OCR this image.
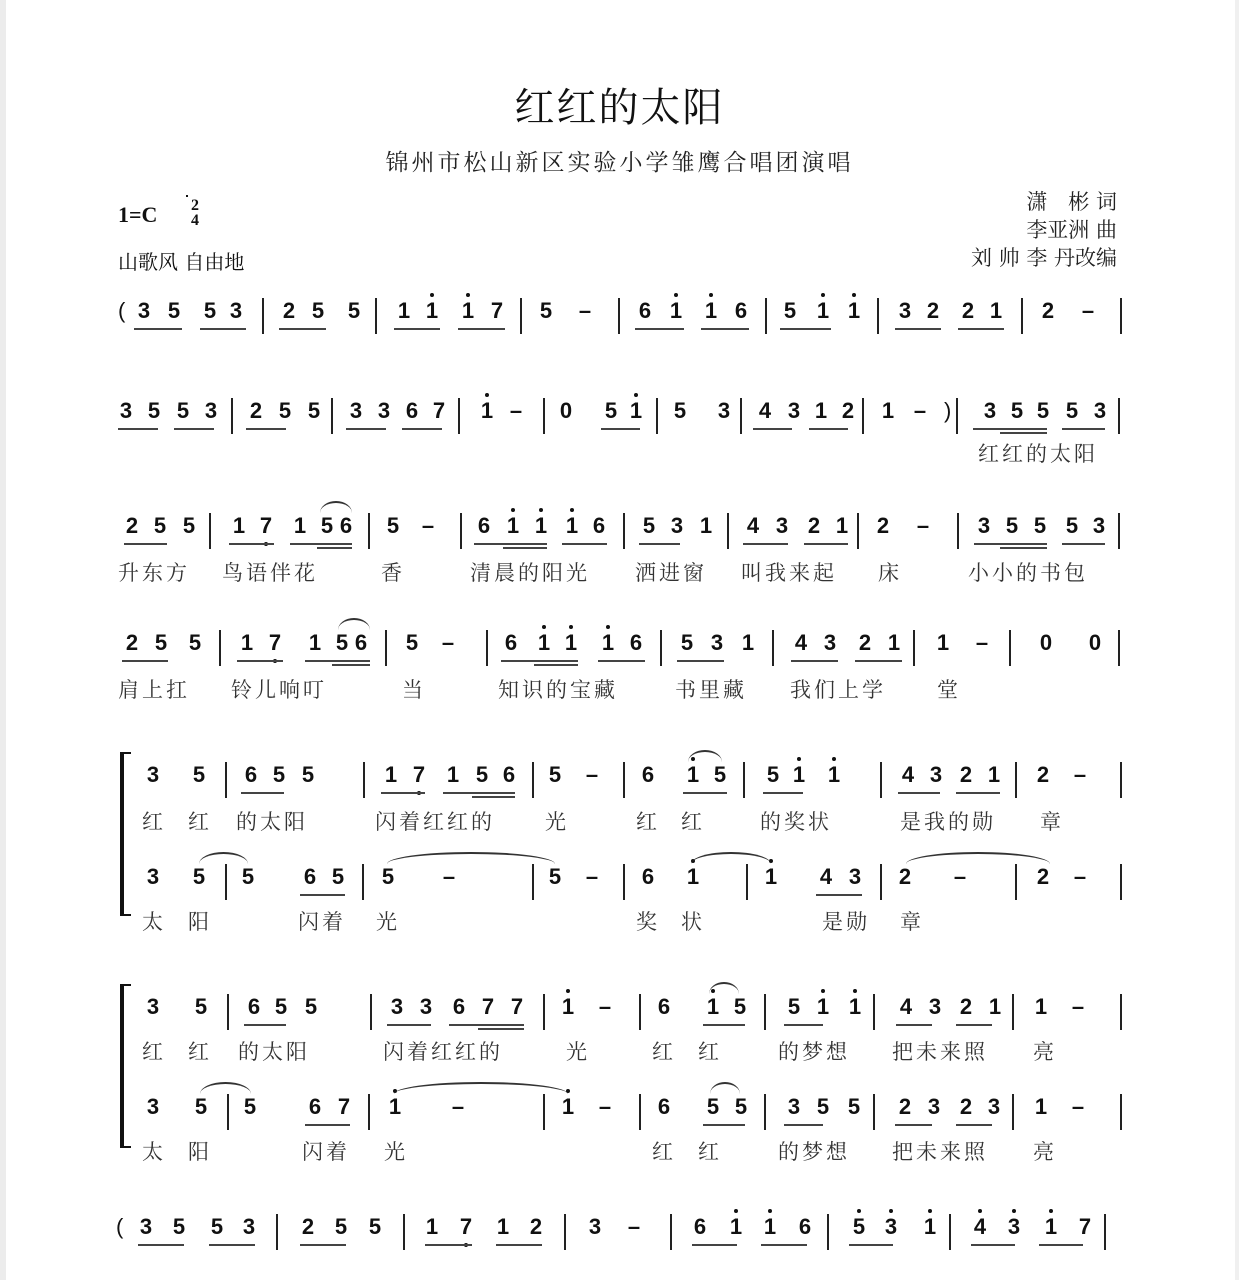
红红的太阳
锦州市松山新区实验小学雏鹰合唱团演唱
1=C	2
4
山歌风 自由地
潇　彬 词
李亚洲 曲
刘 帅 李 丹改编
( 3 5 5 3 2 5 5 1 1 1 7 5 – 6 1 1 6 5 1 1 3 2 2 1 2 –
3 5 5 3 2 5 5 3 3 6 7 1 – 0 5 1 5 3 4 3 1 2 1 – ) 3 5 5 5 3
红红的太阳
2 5 5 1 7 1 5 6 5 – 6 1 1 1 6 5 3 1 4 3 2 1 2 – 3 5 5 5 3
升东方 鸟语伴花	香	清晨的阳光 洒进窗 叫我来起 床	小小的书包
2 5 5 1 7 1 5 6 5 – 6 1 1 1 6 5 3 1 4 3 2 1 1 – 0 0
肩上扛 铃儿响叮	当	知识的宝藏	书里藏 我们上学 堂
3 5 6 5 5	1 7 1 5 6 5 – 6 1 5 5 1 1	4 3 2 1 2 –
红 红 的太阳	闪着红红的 光	红 红	的奖状	是我的勋 章
3 5 5 6 5 5 –	5 – 6 1	1 4 3 2 –	2 –
太 阳	闪着 光	奖 状	是勋 章
3 5 6 5 5	3 3 6 7 7 1 – 6 1 5 5 1 1 4 3 2 1 1 –
红 红 的太阳	闪着红红的	光	红 红	的梦想 把未来照 亮
3 5 5 6 7 1 –	1 – 6 5 5 3 5 5 2 3 2 3 1 –
太 阳	闪着 光	红 红	的梦想 把未来照 亮
( 3 5 5 3 2 5 5 1 7 1 2 3 – 6 1 1 6 5 3 1 4 3 1 7
